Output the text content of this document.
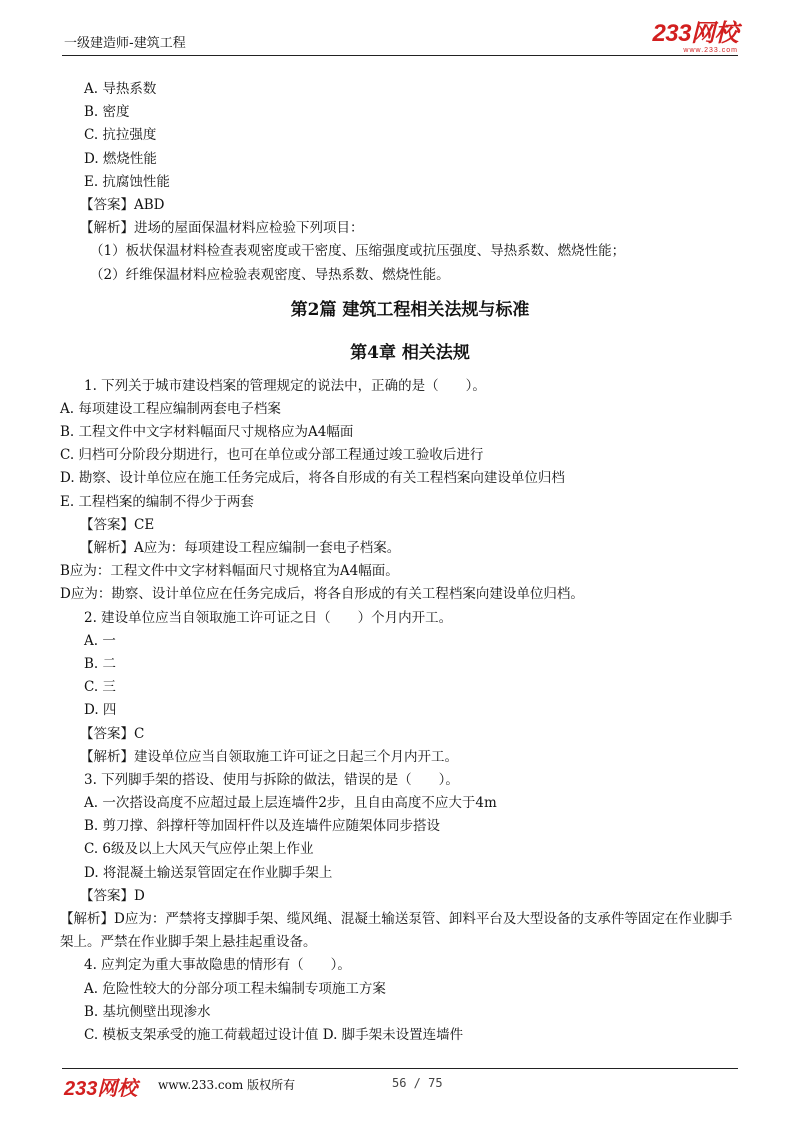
一级建造师-建筑工程	233网校
www.233.com
A. 导热系数
B. 密度
C. 抗拉强度
D. 燃烧性能
E. 抗腐蚀性能
【答案】ABD
【解析】进场的屋面保温材料应检验下列项目：
（1）板状保温材料检查表观密度或干密度、压缩强度或抗压强度、导热系数、燃烧性能；
（2）纤维保温材料应检验表观密度、导热系数、燃烧性能。
第2篇 建筑工程相关法规与标准
第4章 相关法规
1. 下列关于城市建设档案的管理规定的说法中，正确的是（　　）。
A. 每项建设工程应编制两套电子档案
B. 工程文件中文字材料幅面尺寸规格应为A4幅面
C. 归档可分阶段分期进行，也可在单位或分部工程通过竣工验收后进行
D. 勘察、设计单位应在施工任务完成后，将各自形成的有关工程档案向建设单位归档
E. 工程档案的编制不得少于两套
【答案】CE
【解析】A应为：每项建设工程应编制一套电子档案。
B应为：工程文件中文字材料幅面尺寸规格宜为A4幅面。
D应为：勘察、设计单位应在任务完成后，将各自形成的有关工程档案向建设单位归档。
2. 建设单位应当自领取施工许可证之日（　　）个月内开工。
A. 一
B. 二
C. 三
D. 四
【答案】C
【解析】建设单位应当自领取施工许可证之日起三个月内开工。
3. 下列脚手架的搭设、使用与拆除的做法，错误的是（　　）。
A. 一次搭设高度不应超过最上层连墙件2步，且自由高度不应大于4m
B. 剪刀撑、斜撑杆等加固杆件以及连墙件应随架体同步搭设
C. 6级及以上大风天气应停止架上作业
D. 将混凝土输送泵管固定在作业脚手架上
【答案】D
【解析】D应为：严禁将支撑脚手架、缆风绳、混凝土输送泵管、卸料平台及大型设备的支承件等固定在作业脚手架上。严禁在作业脚手架上悬挂起重设备。
4. 应判定为重大事故隐患的情形有（　　）。
A. 危险性较大的分部分项工程未编制专项施工方案
B. 基坑侧壁出现渗水
C. 模板支架承受的施工荷载超过设计值 D. 脚手架未设置连墙件
233网校 www.233.com 版权所有	56 / 75
